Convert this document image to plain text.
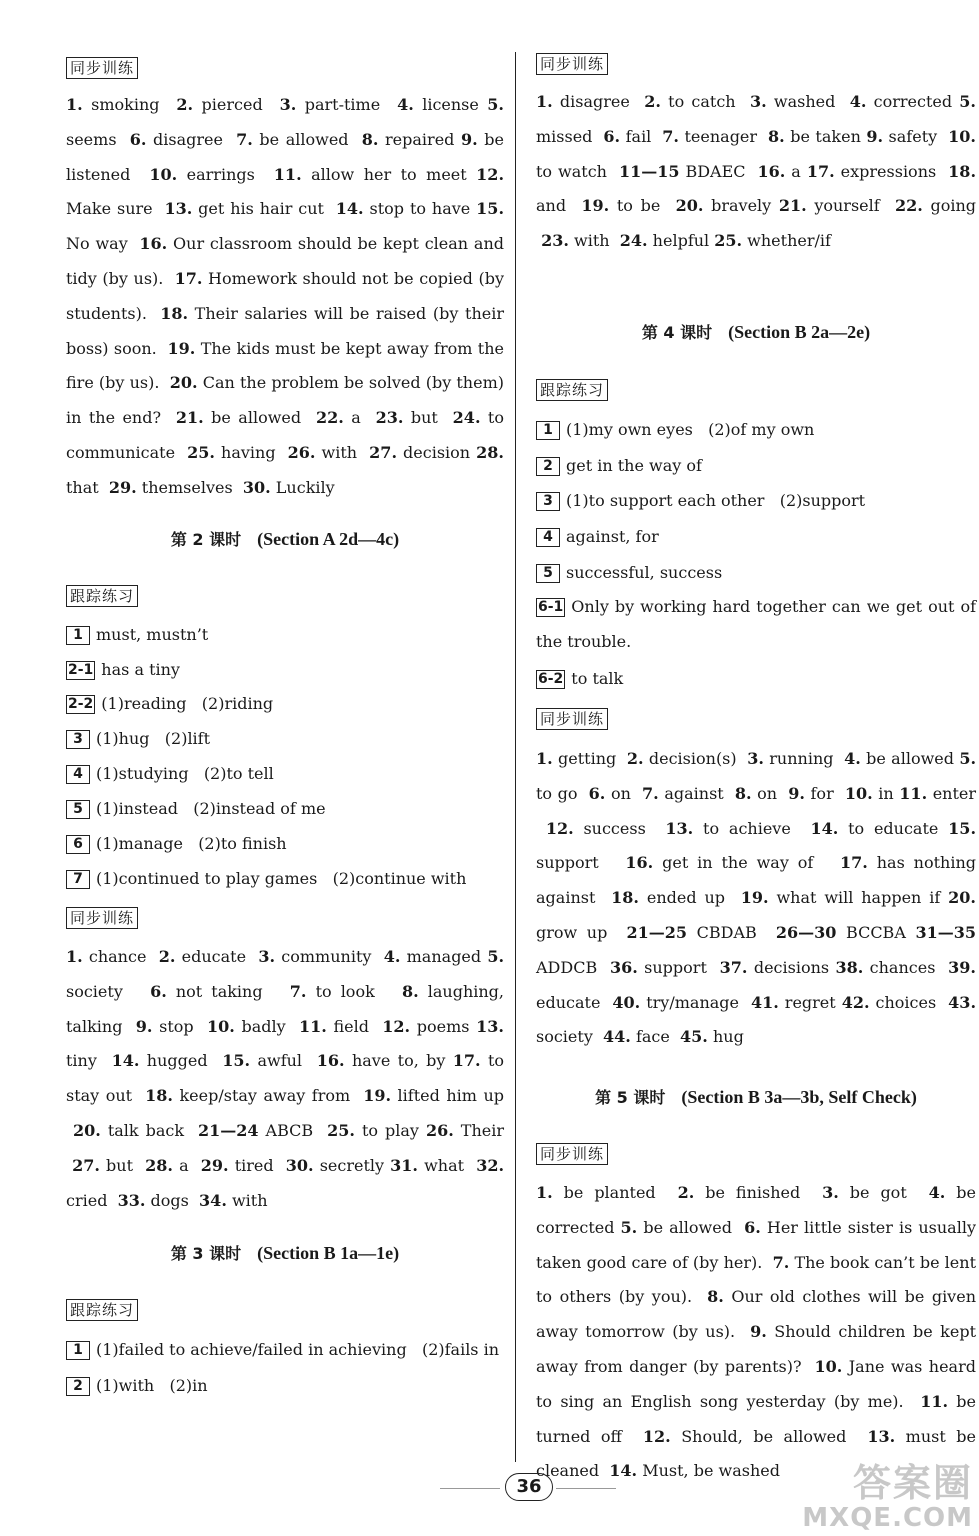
同步训练
1. smoking  2. pierced  3. part-time  4. license 5. seems  6. disagree  7. be allowed  8. repaired 9. be listened  10. earrings  11. allow her to meet 12. Make sure  13. get his hair cut  14. stop to have 15. No way  16. Our classroom should be kept clean and tidy (by us).  17. Homework should not be copied (by students).  18. Their salaries will be raised (by their boss) soon.  19. The kids must be kept away from the fire (by us).  20. Can the problem be solved (by them) in the end?  21. be allowed  22. a  23. but  24. to communicate  25. having  26. with  27. decision 28. that  29. themselves  30. Luckily
第 2 课时 (Section A 2d—4c)
跟踪练习
1 must, mustn’t
2-1 has a tiny
2-2 (1)reading   (2)riding
3 (1)hug   (2)lift
4 (1)studying   (2)to tell
5 (1)instead   (2)instead of me
6 (1)manage   (2)to finish
7 (1)continued to play games   (2)continue with
同步训练
1. chance  2. educate  3. community  4. managed 5. society   6. not taking   7. to look   8. laughing, talking  9. stop  10. badly  11. field  12. poems 13. tiny  14. hugged  15. awful  16. have to, by 17. to stay out  18. keep/stay away from  19. lifted him up  20. talk back  21—24 ABCB  25. to play 26. Their  27. but  28. a  29. tired  30. secretly 31. what  32. cried  33. dogs  34. with
第 3 课时 (Section B 1a—1e)
跟踪练习
1 (1)failed to achieve/failed in achieving   (2)fails in
2 (1)with   (2)in
同步训练
1. disagree  2. to catch  3. washed  4. corrected 5. missed  6. fail  7. teenager  8. be taken 9. safety  10. to watch  11—15 BDAEC  16. a 17. expressions  18. and  19. to be  20. bravely 21. yourself  22. going  23. with  24. helpful 25. whether/if
第 4 课时 (Section B 2a—2e)
跟踪练习
1 (1)my own eyes   (2)of my own
2 get in the way of
3 (1)to support each other   (2)support
4 against, for
5 successful, success
6-1 Only by working hard together can we get out of the trouble.
6-2 to talk
同步训练
1. getting  2. decision(s)  3. running  4. be allowed 5. to go  6. on  7. against  8. on  9. for  10. in 11. enter  12. success  13. to achieve  14. to educate 15. support   16. get in the way of   17. has nothing against  18. ended up  19. what will happen if 20. grow up  21—25 CBDAB  26—30 BCCBA 31—35 ADDCB  36. support  37. decisions 38. chances  39. educate  40. try/manage  41. regret 42. choices  43. society  44. face  45. hug
第 5 课时 (Section B 3a—3b, Self Check)
同步训练
1. be planted  2. be finished  3. be got  4. be corrected 5. be allowed  6. Her little sister is usually taken good care of (by her).  7. The book can’t be lent to others (by you).  8. Our old clothes will be given away tomorrow (by us).  9. Should children be kept away from danger (by parents)?  10. Jane was heard to sing an English song yesterday (by me).  11. be turned off  12. Should, be allowed  13. must be cleaned  14. Must, be washed
36	答案圈
MXQE.COM
